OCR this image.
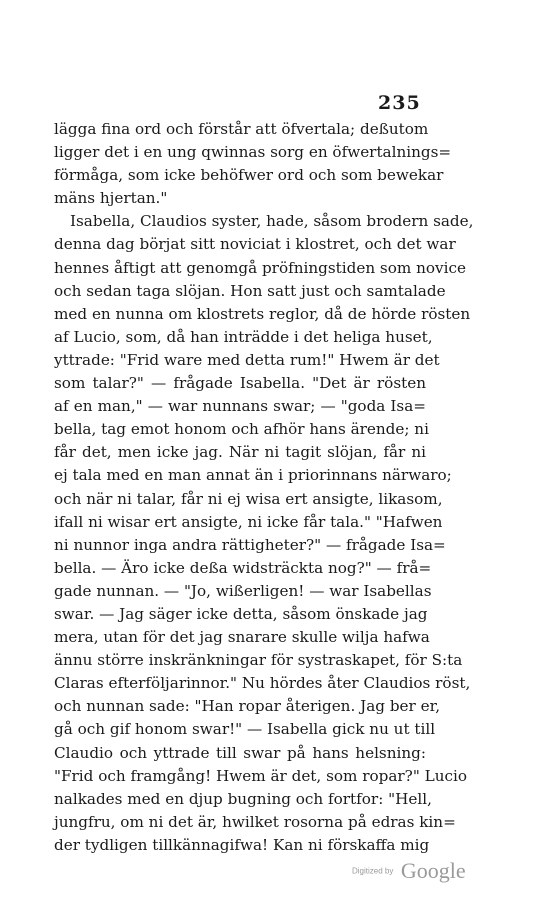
235
lägga fina ord och förstår att öfvertala; deßutom
ligger det i en ung qwinnas sorg en öfwertalnings=
förmåga, som icke behöfwer ord och som bewekar
mäns hjertan."
Isabella, Claudios syster, hade, såsom brodern sade,
denna dag börjat sitt noviciat i klostret, och det war
hennes åftigt att genomgå pröfningstiden som novice
och sedan taga slöjan. Hon satt just och samtalade
med en nunna om klostrets reglor, då de hörde rösten
af Lucio, som, då han inträdde i det heliga huset,
yttrade: "Frid ware med detta rum!" Hwem är det
som talar?" — frågade Isabella. "Det är rösten
af en man," — war nunnans swar; — "goda Isa=
bella, tag emot honom och afhör hans ärende; ni
får det, men icke jag. När ni tagit slöjan, får ni
ej tala med en man annat än i priorinnans närwaro;
och när ni talar, får ni ej wisa ert ansigte, likasom,
ifall ni wisar ert ansigte, ni icke får tala." "Hafwen
ni nunnor inga andra rättigheter?" — frågade Isa=
bella. — Äro icke deßa widsträckta nog?" — frå=
gade nunnan. — "Jo, wißerligen! — war Isabellas
swar. — Jag säger icke detta, såsom önskade jag
mera, utan för det jag snarare skulle wilja hafwa
ännu större inskränkningar för systraskapet, för S:ta
Claras efterföljarinnor." Nu hördes åter Claudios röst,
och nunnan sade: "Han ropar återigen. Jag ber er,
gå och gif honom swar!" — Isabella gick nu ut till
Claudio och yttrade till swar på hans helsning:
"Frid och framgång! Hwem är det, som ropar?" Lucio
nalkades med en djup bugning och fortfor: "Hell,
jungfru, om ni det är, hwilket rosorna på edras kin=
der tydligen tillkännagifwa! Kan ni förskaffa mig
Digitized by Google
